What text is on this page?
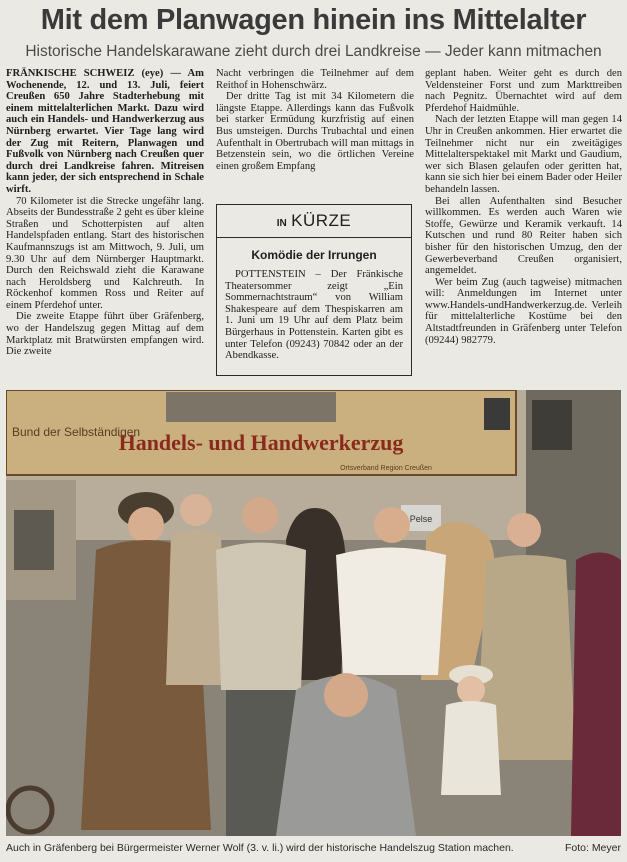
Mit dem Planwagen hinein ins Mittelalter
Historische Handelskarawane zieht durch drei Landkreise — Jeder kann mitmachen

FRÄNKISCHE SCHWEIZ (eye) — Am Wochenende, 12. und 13. Juli, feiert Creußen 650 Jahre Stadterhebung mit einem mittelalterlichen Markt. Dazu wird auch ein Handels- und Handwerkerzug aus Nürnberg erwartet. Vier Tage lang wird der Zug mit Reitern, Planwagen und Fußvolk von Nürnberg nach Creußen quer durch drei Landkreise fahren. Mitreisen kann jeder, der sich entsprechend in Schale wirft.

70 Kilometer ist die Strecke ungefähr lang. Abseits der Bundesstraße 2 geht es über kleine Straßen und Schotterpisten auf alten Handelspfaden entlang. Start des historischen Kaufmannszugs ist am Mittwoch, 9. Juli, um 9.30 Uhr auf dem Nürnberger Hauptmarkt. Durch den Reichswald zieht die Karawane nach Heroldsberg und Kalchreuth. In Röckenhof kommen Ross und Reiter auf einem Pferdehof unter.

Die zweite Etappe führt über Gräfenberg, wo der Handelszug gegen Mittag auf dem Marktplatz mit Bratwürsten empfangen wird. Die zweite

Nacht verbringen die Teilnehmer auf dem Reithof in Hohenschwärz.

Der dritte Tag ist mit 34 Kilometern die längste Etappe. Allerdings kann das Fußvolk bei starker Ermüdung kurzfristig auf einen Bus umsteigen. Durchs Trubachtal und einen Aufenthalt in Obertrubach will man mittags in Betzenstein sein, wo die örtlichen Vereine einen großem Empfang

IN KÜRZE
Komödie der Irrungen

POTTENSTEIN – Der Fränkische Theatersommer zeigt „Ein Sommernachtstraum“ von William Shakespeare auf dem Thespiskarren am 1. Juni um 19 Uhr auf dem Platz beim Bürgerhaus in Pottenstein. Karten gibt es unter Telefon (09243) 70842 oder an der Abendkasse.

geplant haben. Weiter geht es durch den Veldensteiner Forst und zum Markttreiben nach Pegnitz. Übernachtet wird auf dem Pferdehof Haidmühle.

Nach der letzten Etappe will man gegen 14 Uhr in Creußen ankommen. Hier erwartet die Teilnehmer nicht nur ein zweitägiges Mittelalterspektakel mit Markt und Gaudium, wer sich Blasen gelaufen oder geritten hat, kann sie sich hier bei einem Bader oder Heiler behandeln lassen.

Bei allen Aufenthalten sind Besucher willkommen. Es werden auch Waren wie Stoffe, Gewürze und Keramik verkauft. 14 Kutschen und rund 80 Reiter haben sich bisher für den historischen Umzug, den der Gewerbeverband Creußen organisiert, angemeldet.

Wer beim Zug (auch tagweise) mitmachen will: Anmeldungen im Internet unter www.Handels-undHandwerkerzug.de. Verleih für mittelalterliche Kostüme bei den Altstadtfreunden in Gräfenberg unter Telefon (09244) 982779.

Bund der Selbständigen
Handels- und Handwerkerzug
Ortsverband Region Creußen
Pelse
Auch in Gräfenberg bei Bürgermeister Werner Wolf (3. v. li.) wird der historische Handelszug Station machen.	Foto: Meyer
